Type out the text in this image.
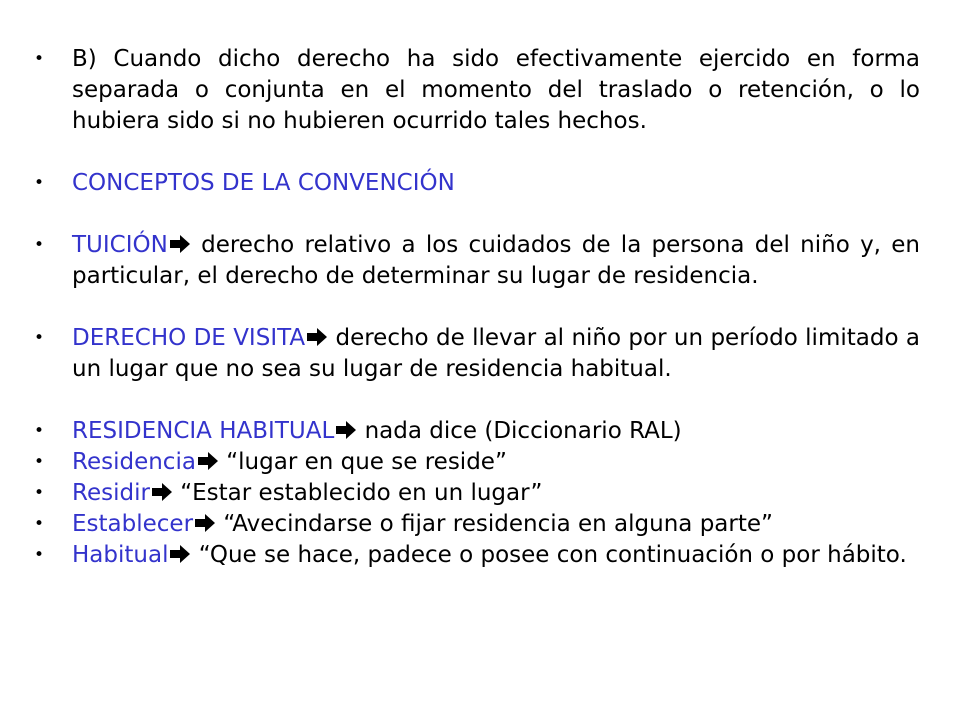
• B) Cuando dicho derecho ha sido efectivamente ejercido en forma separada o conjunta en el momento del traslado o retención, o lo hubiera sido si no hubieren ocurrido tales hechos.
• CONCEPTOS DE LA CONVENCIÓN
• TUICIÓN derecho relativo a los cuidados de la persona del niño y, en particular, el derecho de determinar su lugar de residencia.
• DERECHO DE VISITA derecho de llevar al niño por un período limitado a un lugar que no sea su lugar de residencia habitual.
• RESIDENCIA HABITUAL nada dice (Diccionario RAL)
• Residencia “lugar en que se reside”
• Residir “Estar establecido en un lugar”
• Establecer “Avecindarse o fijar residencia en alguna parte”
• Habitual “Que se hace, padece o posee con continuación o por hábito.
